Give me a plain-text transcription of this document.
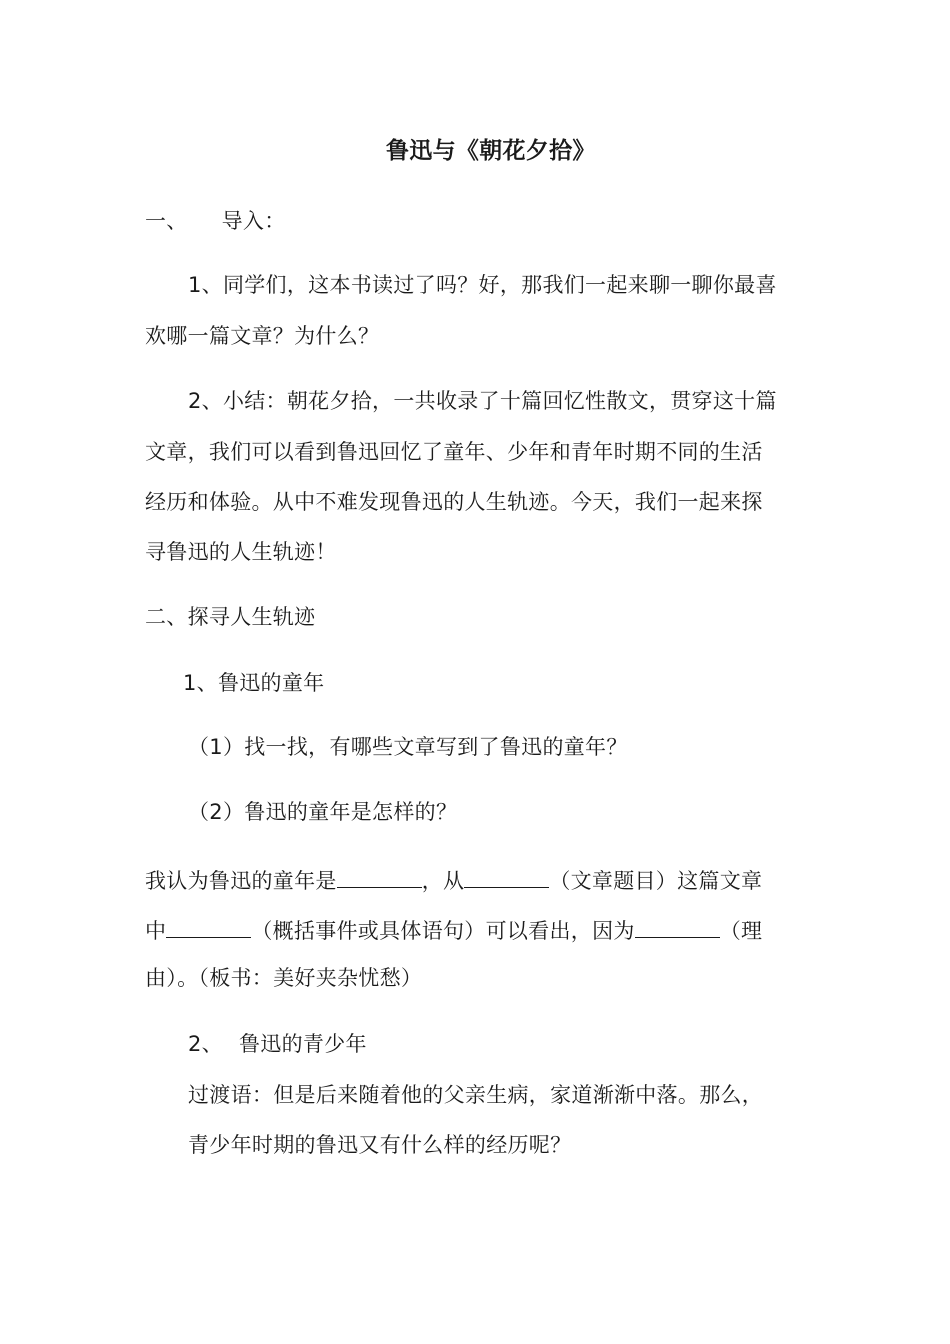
鲁迅与《朝花夕拾》
一、 导入：
1、同学们，这本书读过了吗？好，那我们一起来聊一聊你最喜
欢哪一篇文章？为什么？
2、小结：朝花夕拾，一共收录了十篇回忆性散文，贯穿这十篇
文章，我们可以看到鲁迅回忆了童年、少年和青年时期不同的生活
经历和体验。从中不难发现鲁迅的人生轨迹。今天，我们一起来探
寻鲁迅的人生轨迹！
二、探寻人生轨迹
1、鲁迅的童年
（1）找一找，有哪些文章写到了鲁迅的童年？
（2）鲁迅的童年是怎样的？
我认为鲁迅的童年是	，从	（文章题目）这篇文章
中	（概括事件或具体语句）可以看出，因为	（理
由）。（板书：美好夹杂忧愁）
2、 鲁迅的青少年
过渡语：但是后来随着他的父亲生病，家道渐渐中落。那么，
青少年时期的鲁迅又有什么样的经历呢？
